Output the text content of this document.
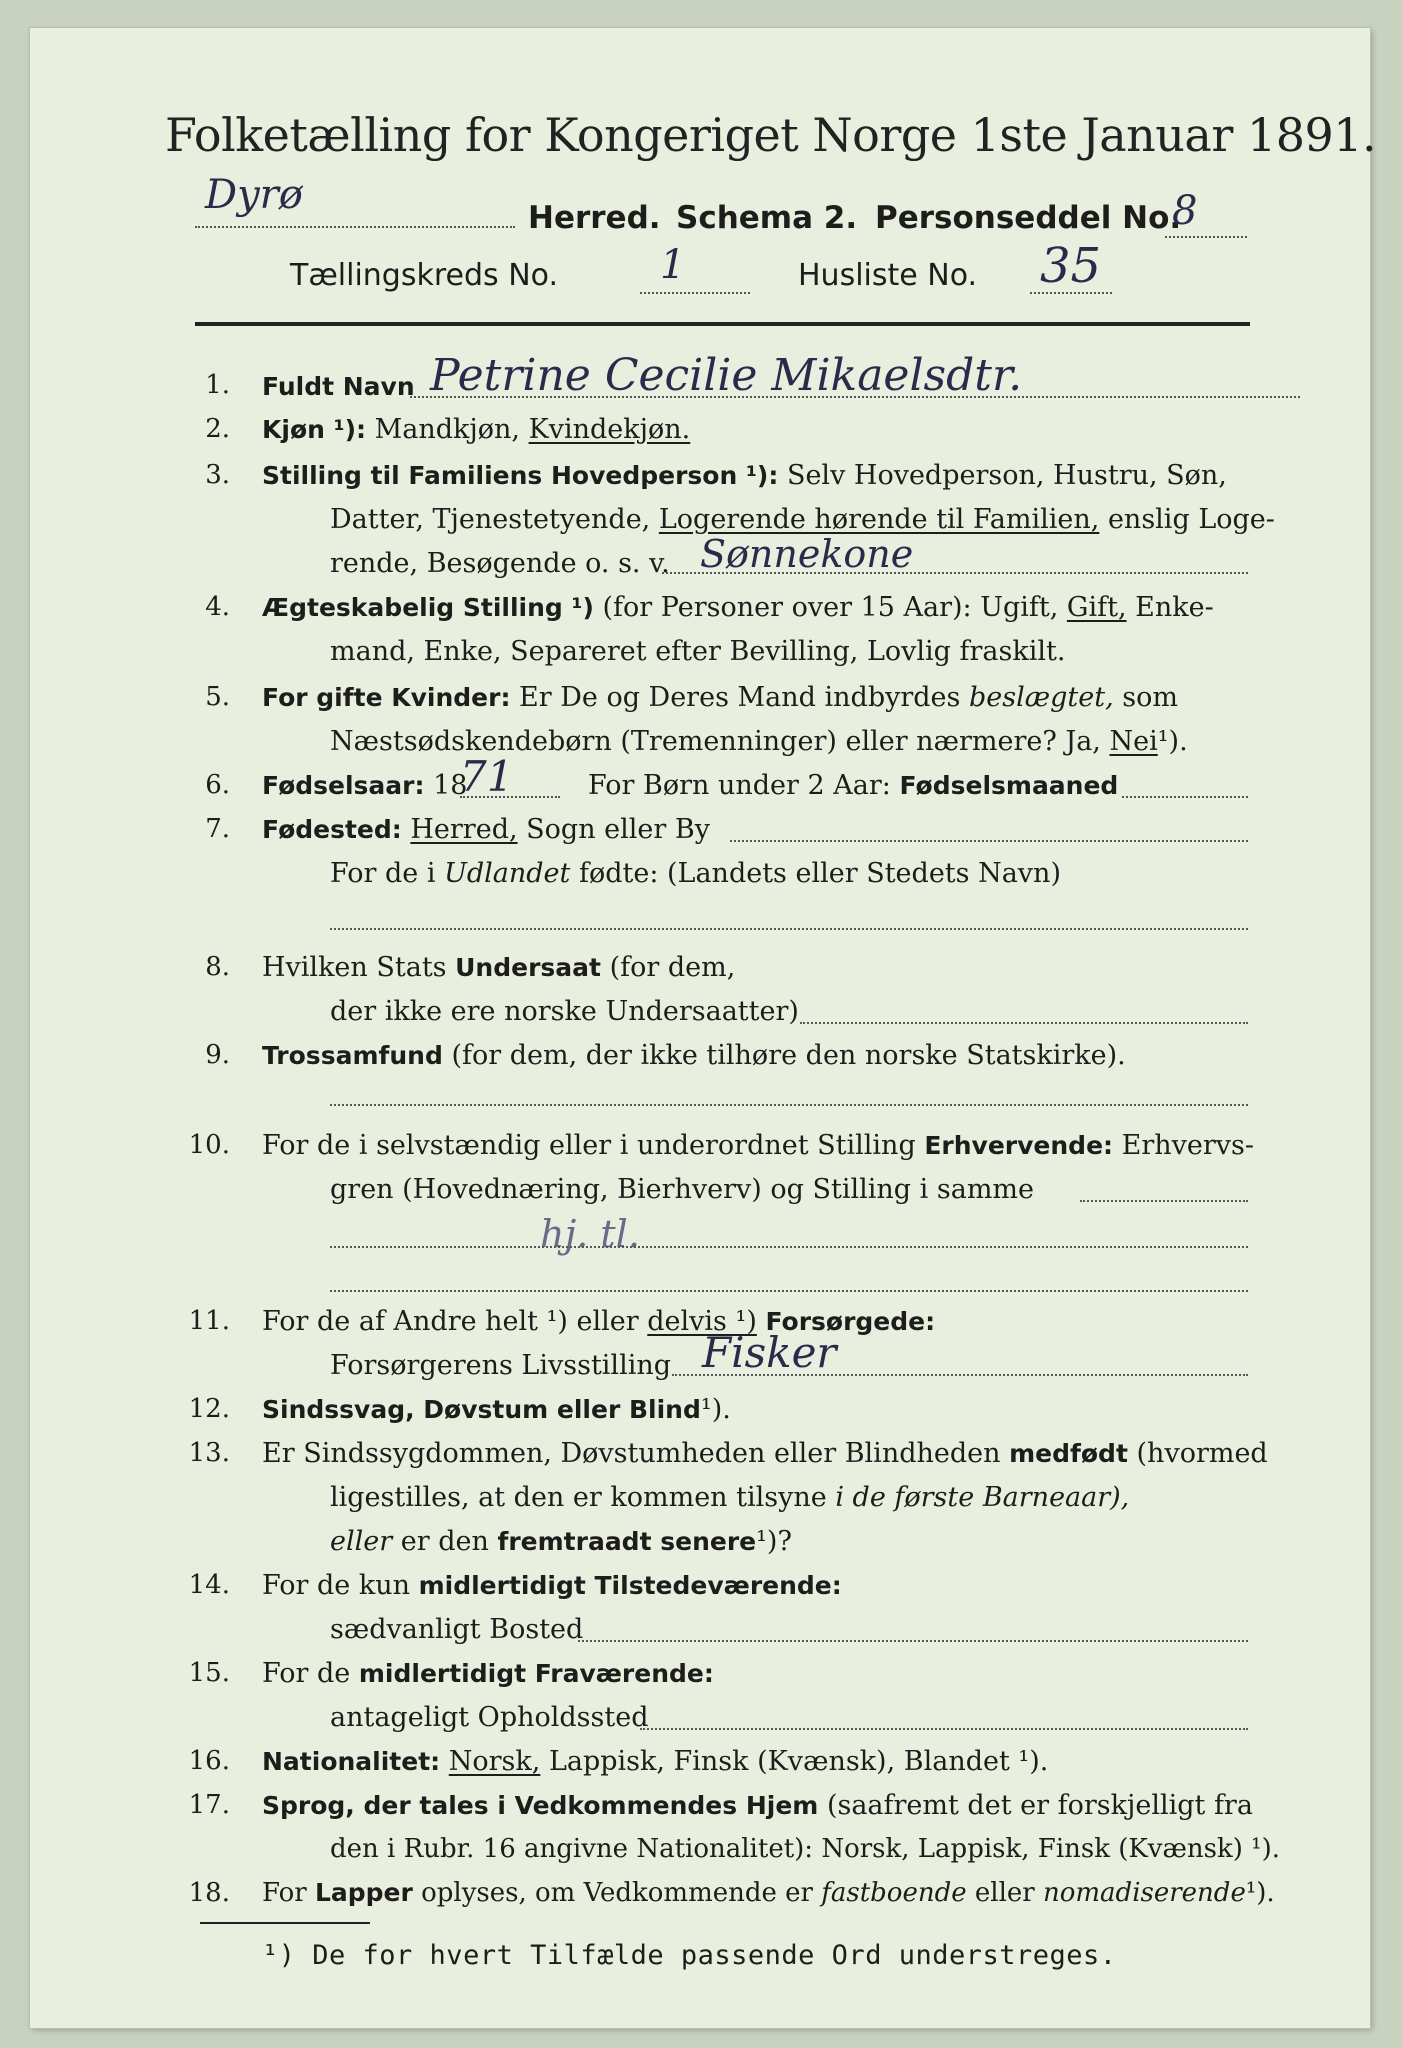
Folketælling for Kongeriget Norge 1ste Januar 1891.
Dyrø	Herred. Schema 2. Personseddel No.
8
Tællingskreds No.	1	Husliste No. 35
1. Fuldt Navn Petrine Cecilie Mikaelsdtr.
2. Kjøn ¹): Mandkjøn, Kvindekjøn.
3. Stilling til Familiens Hovedperson ¹): Selv Hovedperson, Hustru, Søn,
Datter, Tjenestetyende, Logerende hørende til Familien, enslig Loge-
rende, Besøgende o. s. v. Sønnekone
4. Ægteskabelig Stilling ¹) (for Personer over 15 Aar): Ugift, Gift, Enke-
mand, Enke, Separeret efter Bevilling, Lovlig fraskilt.
5. For gifte Kvinder: Er De og Deres Mand indbyrdes beslægtet, som
Næstsødskendebørn (Tremenninger) eller nærmere? Ja, Nei¹).
6. Fødselsaar: 18
71	For Børn under 2 Aar: Fødselsmaaned
7. Fødested: Herred, Sogn eller By
For de i Udlandet fødte: (Landets eller Stedets Navn)
8. Hvilken Stats Undersaat (for dem,
der ikke ere norske Undersaatter)
9. Trossamfund (for dem, der ikke tilhøre den norske Statskirke).
10. For de i selvstændig eller i underordnet Stilling Erhvervende: Erhvervs-
gren (Hovednæring, Bierhverv) og Stilling i samme
hj. tl.
11. For de af Andre helt ¹) eller delvis ¹) Forsørgede:
Forsørgerens Livsstilling Fisker
12. Sindssvag, Døvstum eller Blind¹).
13. Er Sindssygdommen, Døvstumheden eller Blindheden medfødt (hvormed
ligestilles, at den er kommen tilsyne i de første Barneaar),
eller er den fremtraadt senere¹)?
14. For de kun midlertidigt Tilstedeværende:
sædvanligt Bosted
15. For de midlertidigt Fraværende:
antageligt Opholdssted
16. Nationalitet: Norsk, Lappisk, Finsk (Kvænsk), Blandet ¹).
17. Sprog, der tales i Vedkommendes Hjem (saafremt det er forskjelligt fra
den i Rubr. 16 angivne Nationalitet): Norsk, Lappisk, Finsk (Kvænsk) ¹).
18. For Lapper oplyses, om Vedkommende er fastboende eller nomadiserende¹).
¹) De for hvert Tilfælde passende Ord understreges.
